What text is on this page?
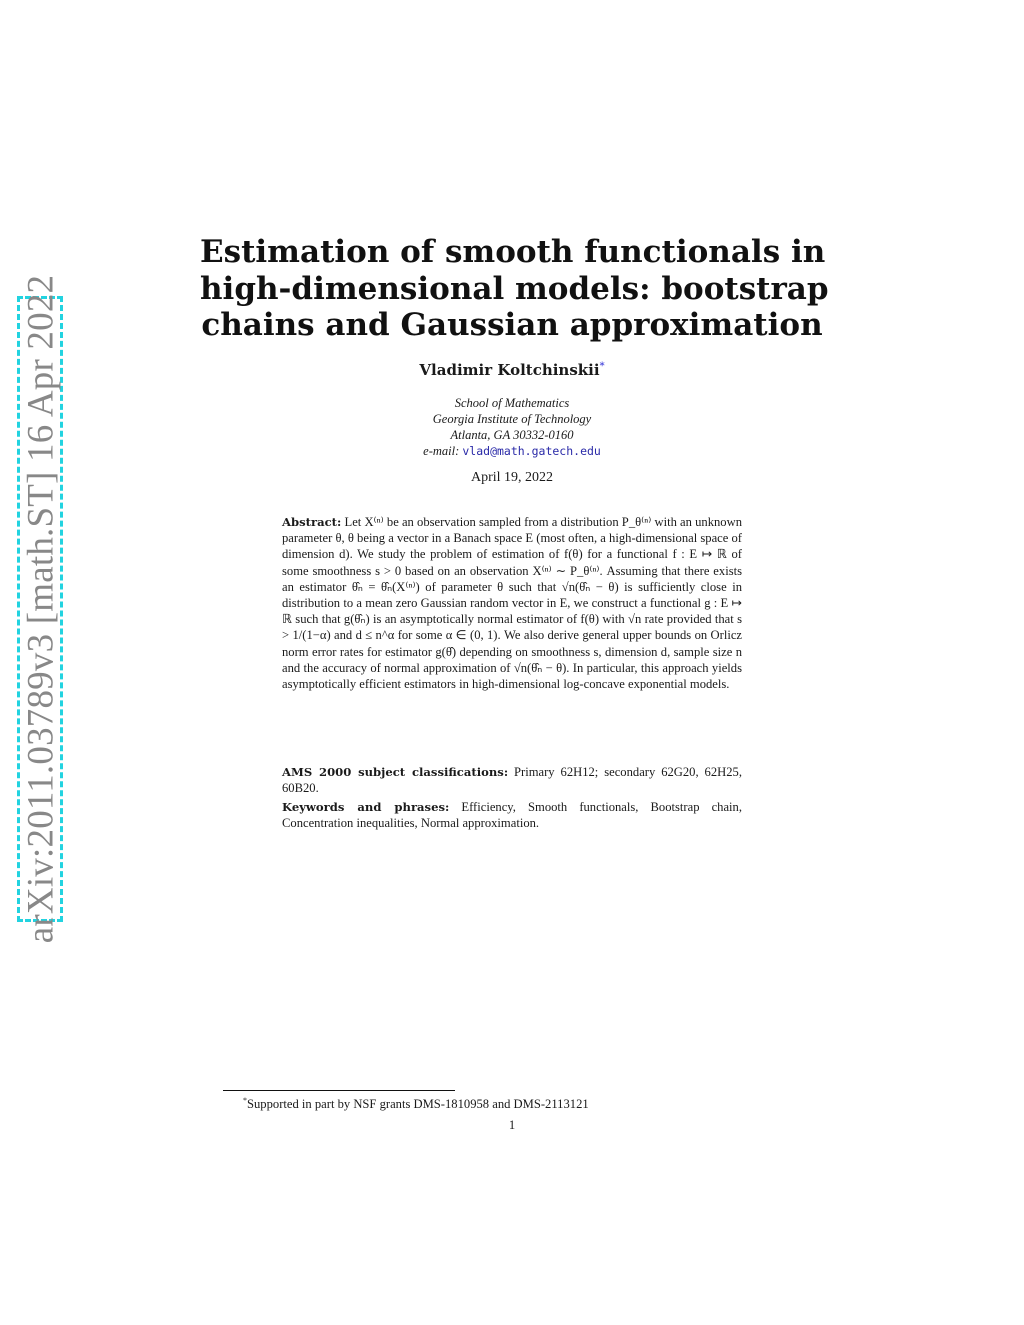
arXiv:2011.03789v3 [math.ST] 16 Apr 2022
Estimation of smooth functionals in
high-dimensional models: bootstrap
chains and Gaussian approximation
Vladimir Koltchinskii*
School of Mathematics
Georgia Institute of Technology
Atlanta, GA 30332-0160
e-mail: vlad@math.gatech.edu
April 19, 2022
Abstract: Let X⁽ⁿ⁾ be an observation sampled from a distribution P_θ⁽ⁿ⁾ with an unknown parameter θ, θ being a vector in a Banach space E (most often, a high-dimensional space of dimension d). We study the problem of estimation of f(θ) for a functional f : E ↦ ℝ of some smoothness s > 0 based on an observation X⁽ⁿ⁾ ∼ P_θ⁽ⁿ⁾. Assuming that there exists an estimator θ̂ₙ = θ̂ₙ(X⁽ⁿ⁾) of parameter θ such that √n(θ̂ₙ − θ) is sufficiently close in distribution to a mean zero Gaussian random vector in E, we construct a functional g : E ↦ ℝ such that g(θ̂ₙ) is an asymptotically normal estimator of f(θ) with √n rate provided that s > 1/(1−α) and d ≤ n^α for some α ∈ (0, 1). We also derive general upper bounds on Orlicz norm error rates for estimator g(θ̂) depending on smoothness s, dimension d, sample size n and the accuracy of normal approximation of √n(θ̂ₙ − θ). In particular, this approach yields asymptotically efficient estimators in high-dimensional log-concave exponential models.
AMS 2000 subject classifications: Primary 62H12; secondary 62G20, 62H25, 60B20.
Keywords and phrases: Efficiency, Smooth functionals, Bootstrap chain, Concentration inequalities, Normal approximation.
*Supported in part by NSF grants DMS-1810958 and DMS-2113121
1
